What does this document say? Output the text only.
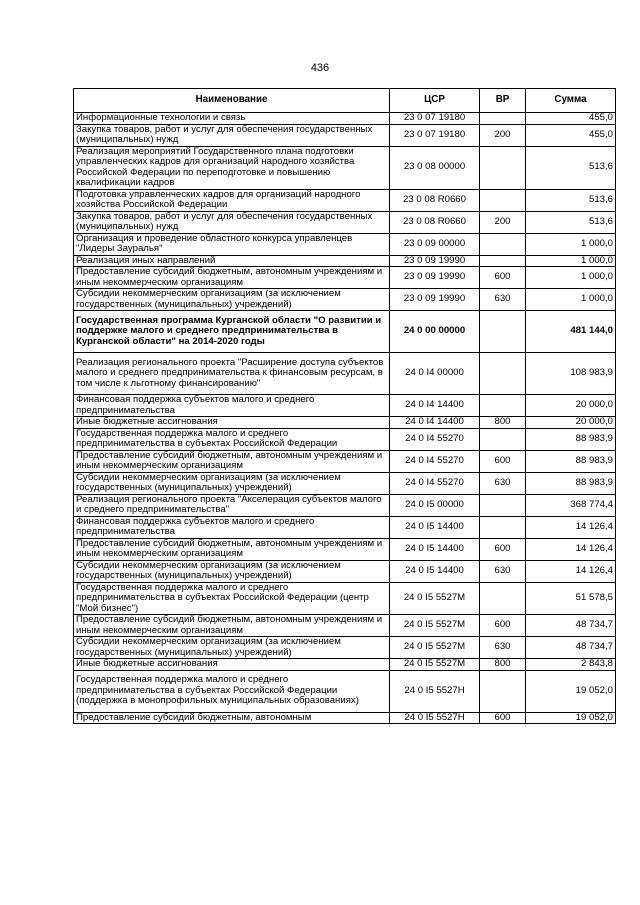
436
Наименование	ЦСР	ВР	Сумма
Информационные технологии и связь	23 0 07 19180		455,0
Закупка товаров, работ и услуг для обеспечения государственных (муниципальных) нужд	23 0 07 19180	200	455,0
Реализация мероприятий Государственного плана подготовки управленческих кадров для организаций народного хозяйства Российской Федерации по переподготовке и повышению квалификации кадров	23 0 08 00000		513,6
Подготовка управленческих кадров для организаций народного хозяйства Российской Федерации	23 0 08 R0660		513,6
Закупка товаров, работ и услуг для обеспечения государственных (муниципальных) нужд	23 0 08 R0660	200	513,6
Организация и проведение областного конкурса управленцев "Лидеры Зауралья"	23 0 09 00000		1 000,0
Реализация иных направлений	23 0 09 19990		1 000,0
Предоставление субсидий бюджетным, автономным учреждениям и иным некоммерческим организациям	23 0 09 19990	600	1 000,0
Субсидии некоммерческим организациям (за исключением государственных (муниципальных) учреждений)	23 0 09 19990	630	1 000,0
Государственная программа Курганской области "О развитии и поддержке малого и среднего предпринимательства в Курганской области" на 2014-2020 годы	24 0 00 00000		481 144,0
Реализация регионального проекта "Расширение доступа субъектов малого и среднего предпринимательства к финансовым ресурсам, в том числе к льготному финансированию"	24 0 I4 00000		108 983,9
Финансовая поддержка субъектов малого и среднего предпринимательства	24 0 I4 14400		20 000,0
Иные бюджетные ассигнования	24 0 I4 14400	800	20 000,0
Государственная поддержка малого и среднего предпринимательства в субъектах Российской Федерации	24 0 I4 55270		88 983,9
Предоставление субсидий бюджетным, автономным учреждениям и иным некоммерческим организациям	24 0 I4 55270	600	88 983,9
Субсидии некоммерческим организациям (за исключением государственных (муниципальных) учреждений)	24 0 I4 55270	630	88 983,9
Реализация регионального проекта "Акселерация субъектов малого и среднего предпринимательства"	24 0 I5 00000		368 774,4
Финансовая поддержка субъектов малого и среднего предпринимательства	24 0 I5 14400		14 126,4
Предоставление субсидий бюджетным, автономным учреждениям и иным некоммерческим организациям	24 0 I5 14400	600	14 126,4
Субсидии некоммерческим организациям (за исключением государственных (муниципальных) учреждений)	24 0 I5 14400	630	14 126,4
Государственная поддержка малого и среднего предпринимательства в субъектах Российской Федерации (центр "Мой бизнес")	24 0 I5 5527M		51 578,5
Предоставление субсидий бюджетным, автономным учреждениям и иным некоммерческим организациям	24 0 I5 5527M	600	48 734,7
Субсидии некоммерческим организациям (за исключением государственных (муниципальных) учреждений)	24 0 I5 5527M	630	48 734,7
Иные бюджетные ассигнования	24 0 I5 5527M	800	2 843,8
Государственная поддержка малого и среднего предпринимательства в субъектах Российской Федерации (поддержка в монопрофильных муниципальных образованиях)	24 0 I5 5527H		19 052,0
Предоставление субсидий бюджетным, автономным	24 0 I5 5527H	600	19 052,0
